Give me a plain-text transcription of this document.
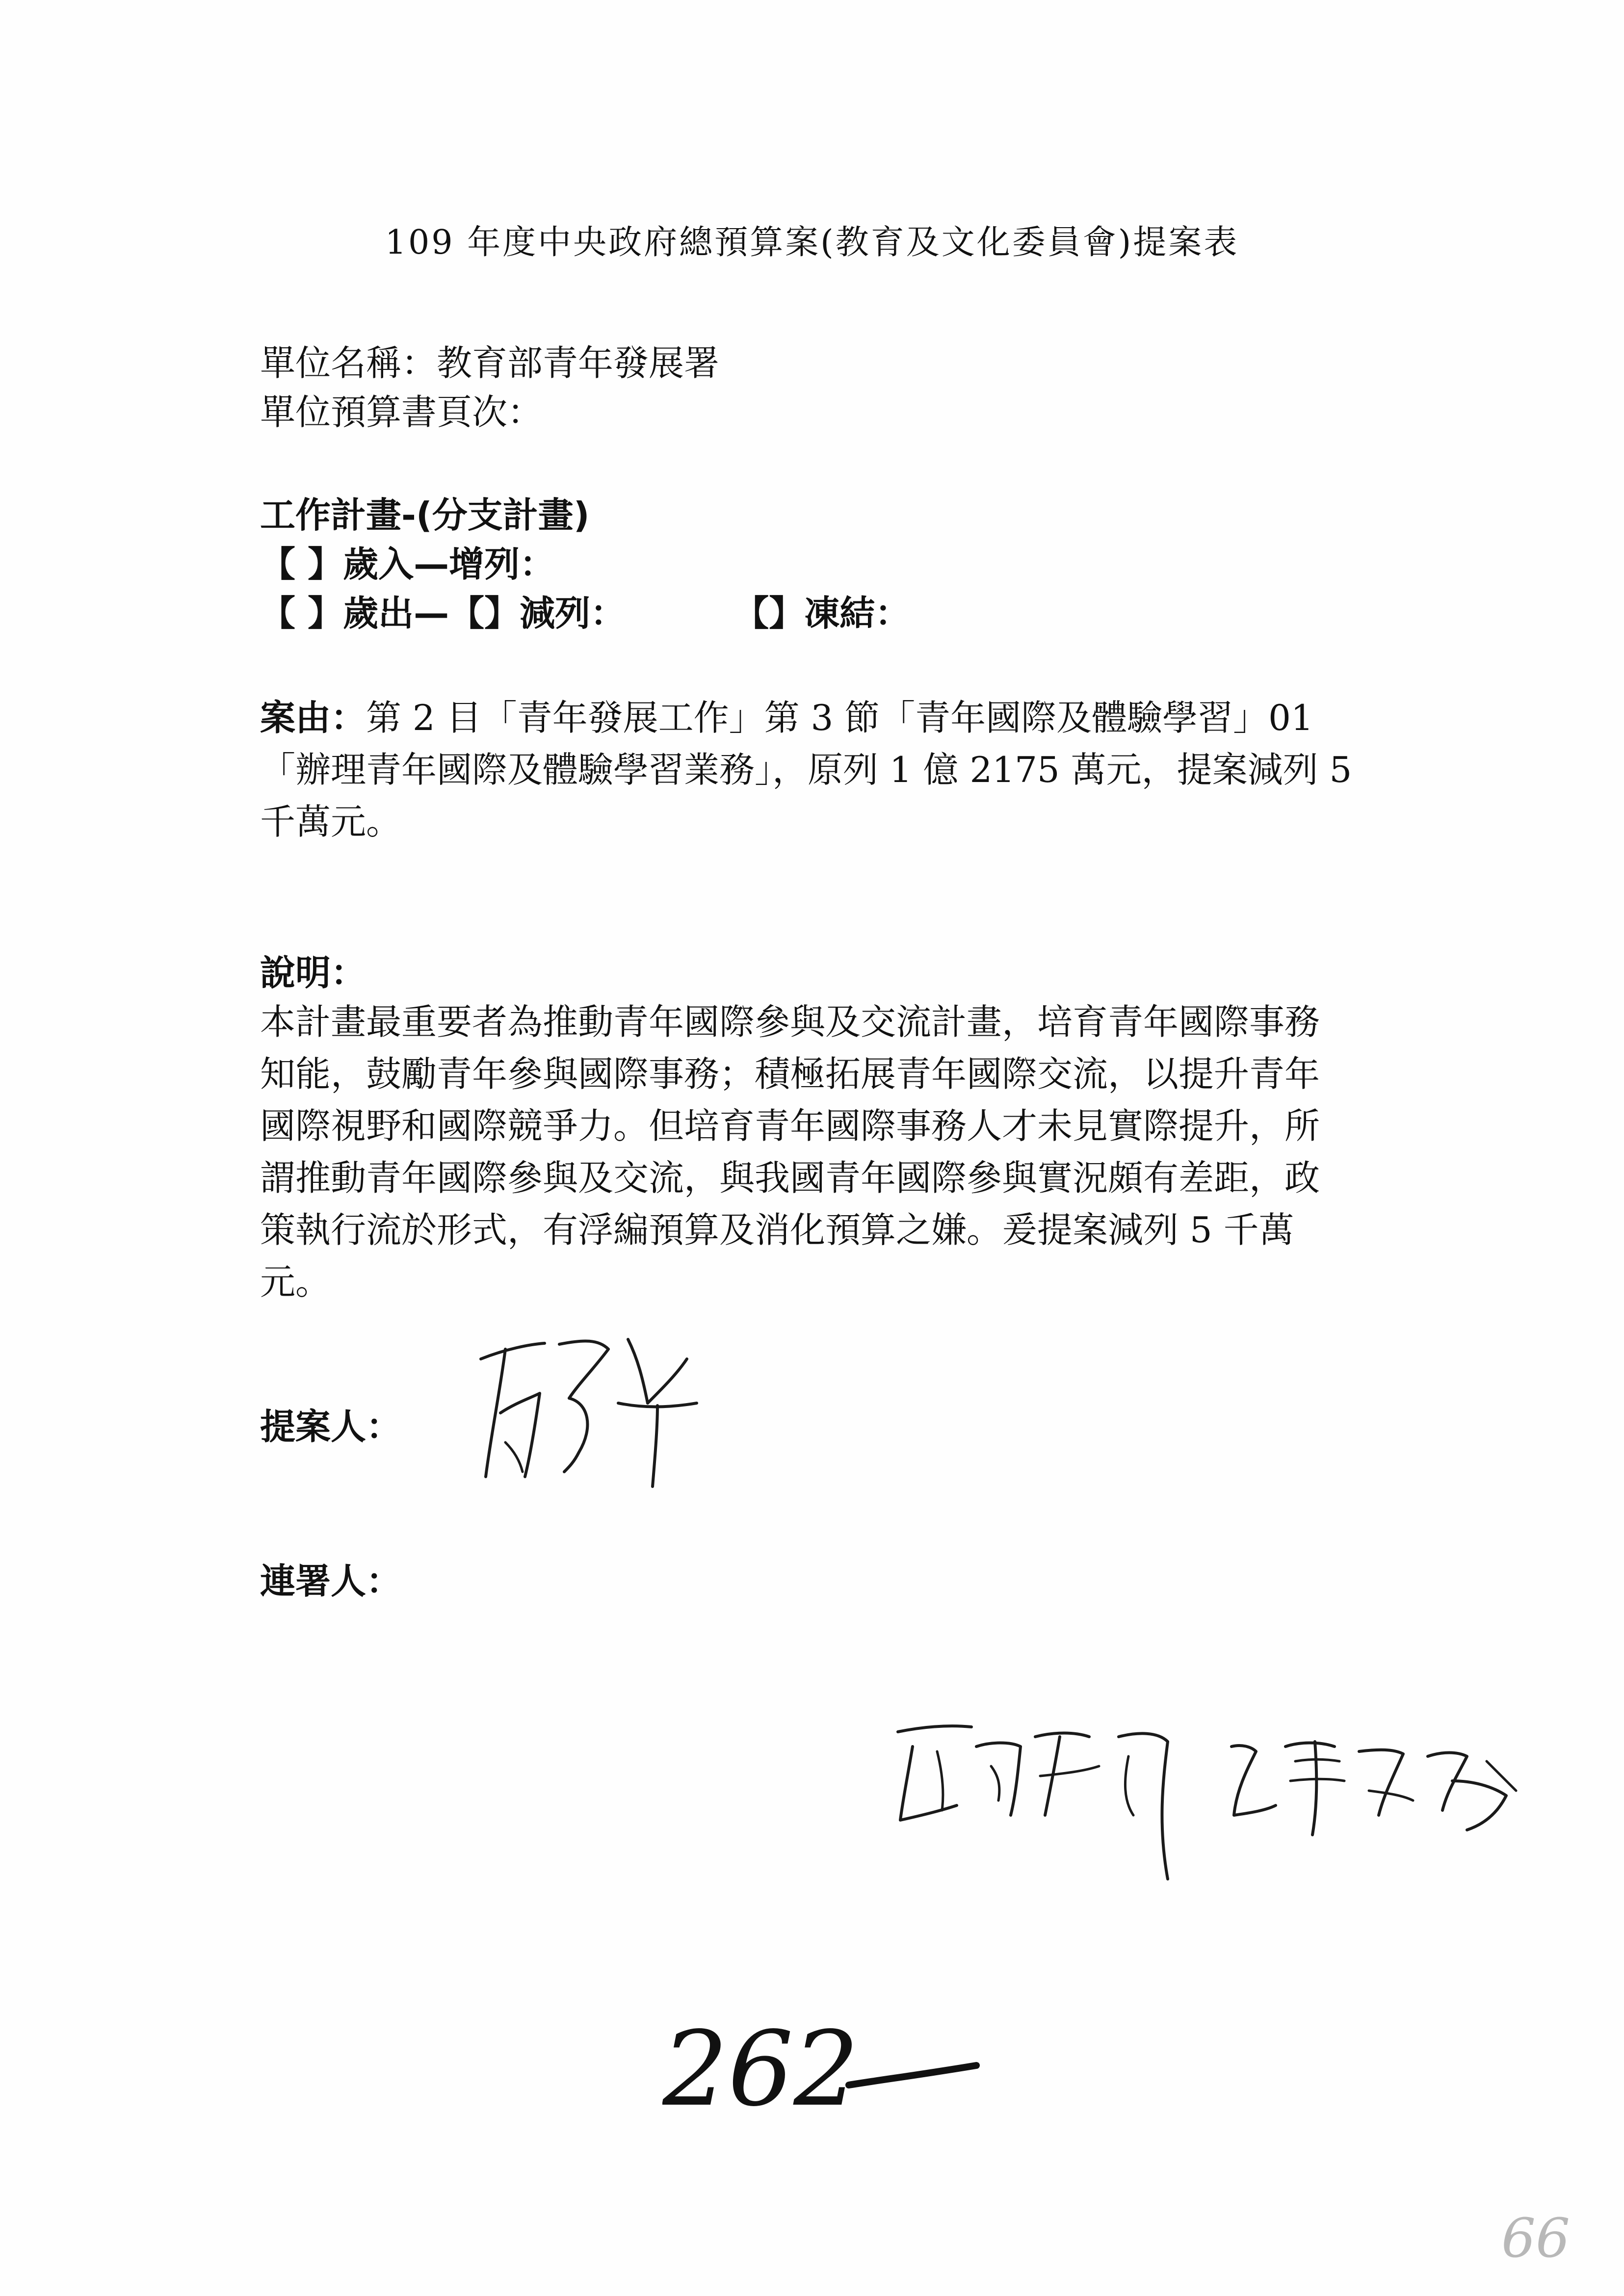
109 年度中央政府總預算案(教育及文化委員會)提案表
單位名稱：教育部青年發展署
單位預算書頁次：
工作計畫-(分支計畫)
【 】歲入—增列：
【 】歲出—【】減列：	【】凍結：
案由：第 2 目「青年發展工作」第 3 節「青年國際及體驗學習」01
「辦理青年國際及體驗學習業務」，原列 1 億 2175 萬元，提案減列 5
千萬元。
說明：
本計畫最重要者為推動青年國際參與及交流計畫，培育青年國際事務
知能，鼓勵青年參與國際事務；積極拓展青年國際交流，以提升青年
國際視野和國際競爭力。但培育青年國際事務人才未見實際提升，所
謂推動青年國際參與及交流，與我國青年國際參與實況頗有差距，政
策執行流於形式，有浮編預算及消化預算之嫌。爰提案減列 5 千萬
元。
提案人：
連署人：
262
66
